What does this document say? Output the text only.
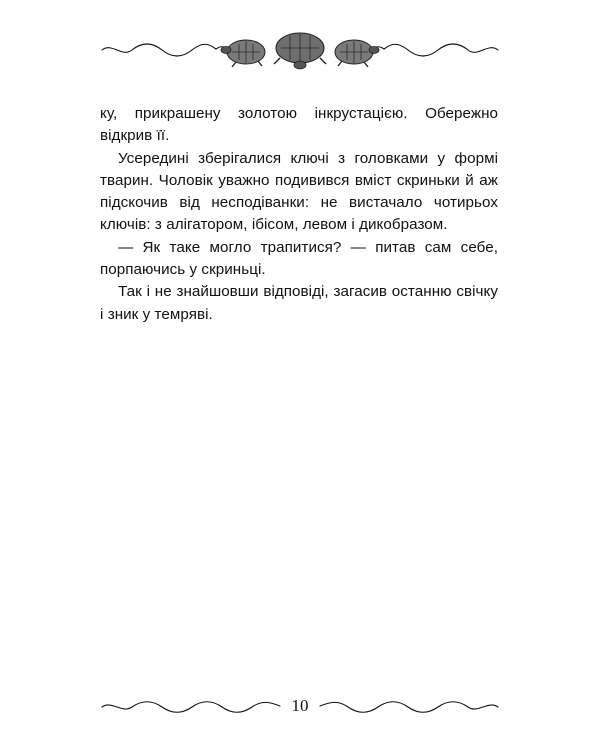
ку, прикрашену золотою інкрустацією. Обережно відкрив її.

Усередині зберігалися ключі з головками у формі тварин. Чоловік уважно подивився вміст скриньки й аж підскочив від несподіванки: не вистачало чотирьох ключів: з алігатором, ібісом, левом і дикобразом.

— Як таке могло трапитися? — питав сам себе, порпаючись у скриньці.

Так і не знайшовши відповіді, загасив останню свічку і зник у темряві.

10
